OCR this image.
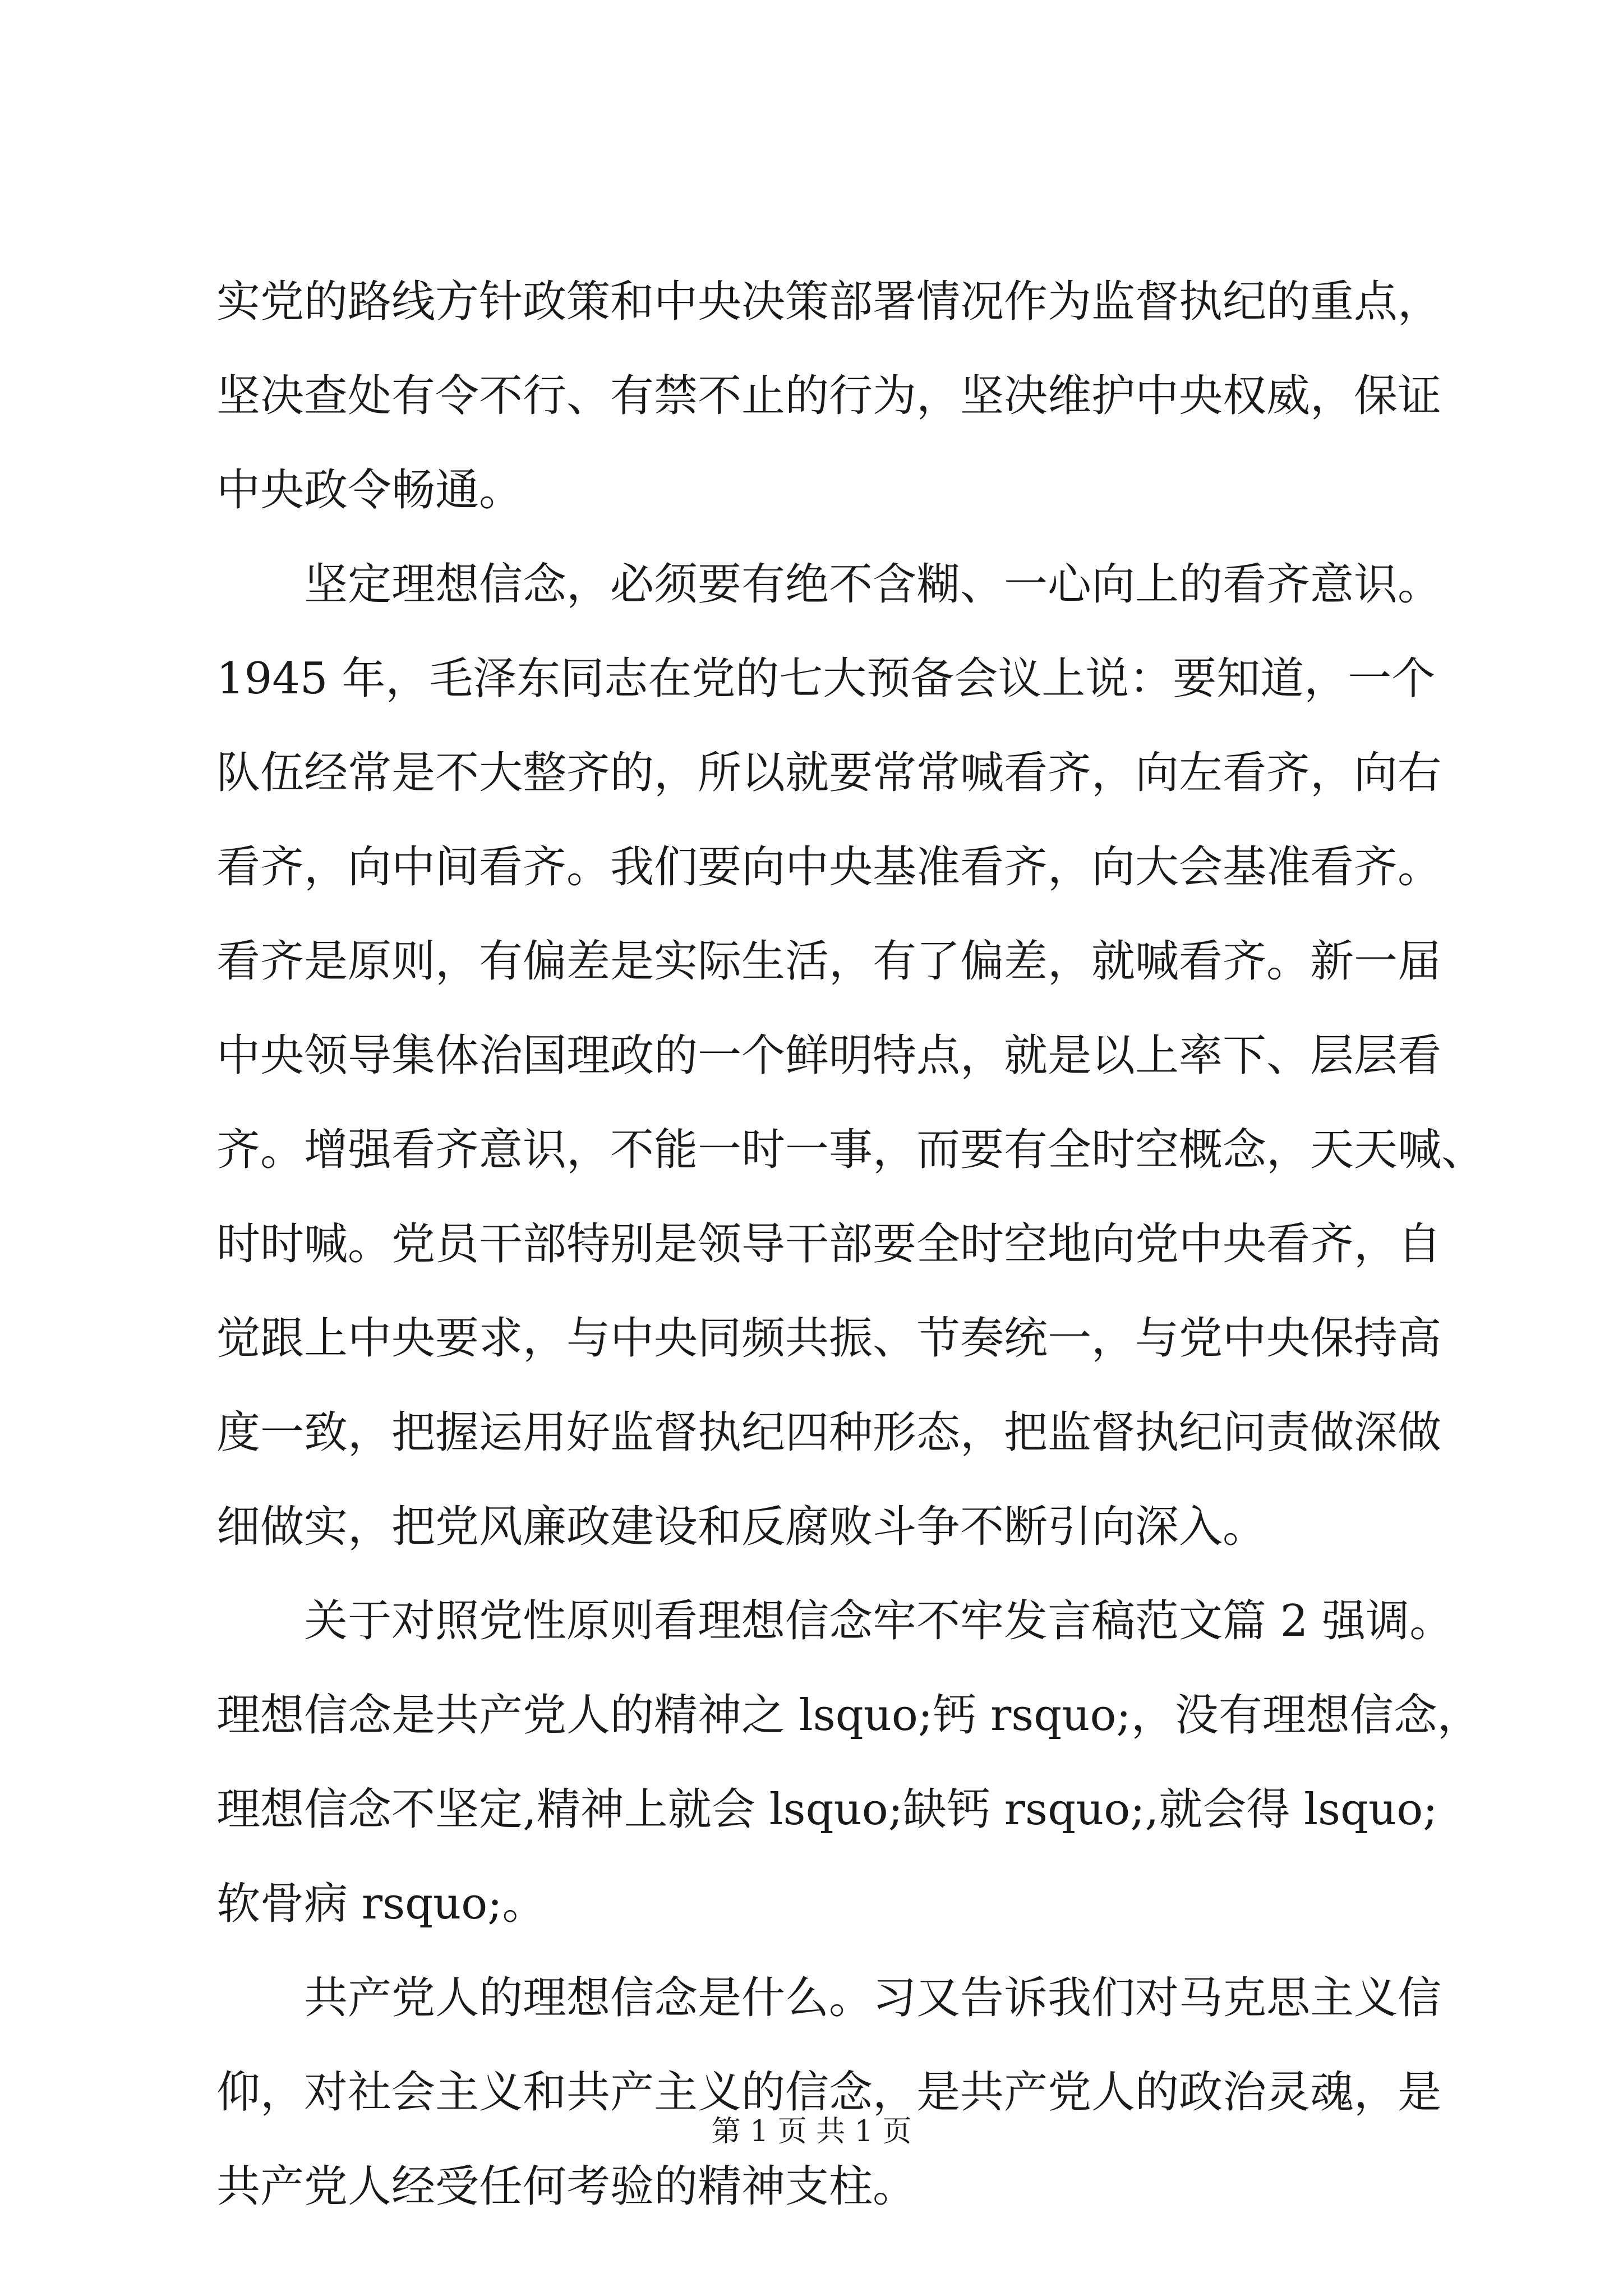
实党的路线方针政策和中央决策部署情况作为监督执纪的重点，
坚决查处有令不行、有禁不止的行为，坚决维护中央权威，保证
中央政令畅通。
坚定理想信念，必须要有绝不含糊、一心向上的看齐意识。
1945 年，毛泽东同志在党的七大预备会议上说：要知道，一个
队伍经常是不大整齐的，所以就要常常喊看齐，向左看齐，向右
看齐，向中间看齐。我们要向中央基准看齐，向大会基准看齐。
看齐是原则，有偏差是实际生活，有了偏差，就喊看齐。新一届
中央领导集体治国理政的一个鲜明特点，就是以上率下、层层看
齐。增强看齐意识，不能一时一事，而要有全时空概念，天天喊、
时时喊。党员干部特别是领导干部要全时空地向党中央看齐，自
觉跟上中央要求，与中央同频共振、节奏统一，与党中央保持高
度一致，把握运用好监督执纪四种形态，把监督执纪问责做深做
细做实，把党风廉政建设和反腐败斗争不断引向深入。
关于对照党性原则看理想信念牢不牢发言稿范文篇 2 强调。
理想信念是共产党人的精神之 lsquo;钙 rsquo;，没有理想信念，
理想信念不坚定,精神上就会 lsquo;缺钙 rsquo;,就会得 lsquo;
软骨病 rsquo;。
共产党人的理想信念是什么。习又告诉我们对马克思主义信
仰，对社会主义和共产主义的信念，是共产党人的政治灵魂，是
共产党人经受任何考验的精神支柱。
第 1 页 共 1 页
